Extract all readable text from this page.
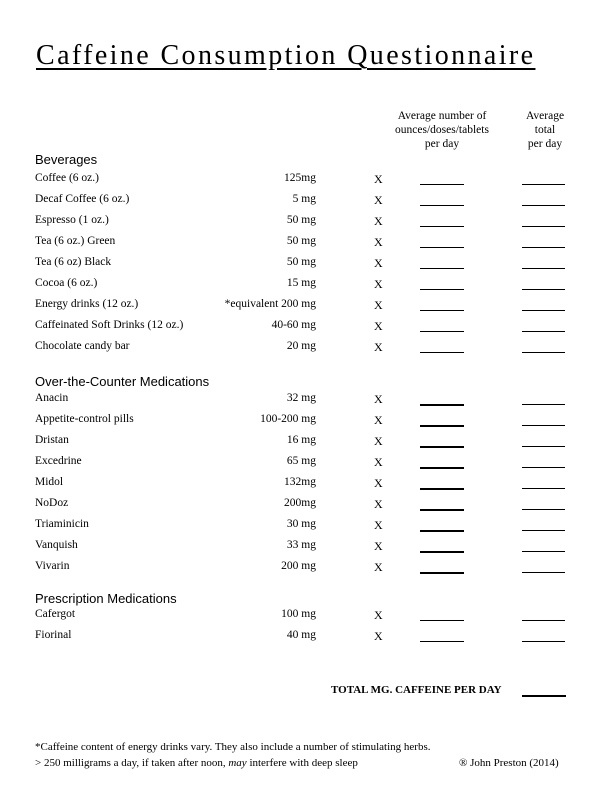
Caffeine Consumption Questionnaire
Average number of
ounces/doses/tablets
per day
Average
total
per day
Beverages
Coffee (6 oz.)	125mg	X
Decaf Coffee (6 oz.)	5 mg	X
Espresso (1 oz.)	50 mg	X
Tea (6 oz.) Green	50 mg	X
Tea (6 oz) Black	50 mg	X
Cocoa (6 oz.)	15 mg	X
Energy drinks (12 oz.)	*equivalent 200 mg	X
Caffeinated Soft Drinks (12 oz.)	40-60 mg	X
Chocolate candy bar	20 mg	X
Over-the-Counter Medications
Anacin	32 mg	X
Appetite-control pills	100-200 mg	X
Dristan	16 mg	X
Excedrine	65 mg	X
Midol	132mg	X
NoDoz	200mg	X
Triaminicin	30 mg	X
Vanquish	33 mg	X
Vivarin	200 mg	X
Prescription Medications
Cafergot	100 mg	X
Fiorinal	40 mg	X
TOTAL MG. CAFFEINE PER DAY
*Caffeine content of energy drinks vary. They also include a number of stimulating herbs.
> 250 milligrams a day, if taken after noon, may interfere with deep sleep	® John Preston (2014)
